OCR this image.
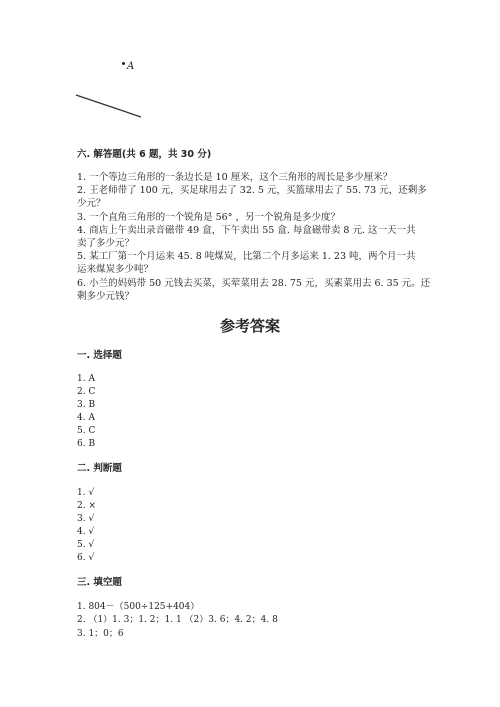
A
六. 解答题(共 6 题，共 30 分)
1. 一个等边三角形的一条边长是 10 厘米，这个三角形的周长是多少厘米？
2. 王老师带了 100 元，买足球用去了 32. 5 元，买篮球用去了 55. 73 元，还剩多
少元？
3. 一个直角三角形的一个锐角是 56° ，另一个锐角是多少度？
4. 商店上午卖出录音磁带 49 盒，下午卖出 55 盒. 每盒磁带卖 8 元. 这一天一共
卖了多少元？
5. 某工厂第一个月运来 45. 8 吨煤炭，比第二个月多运来 1. 23 吨，两个月一共
运来煤炭多少吨？
6. 小兰的妈妈带 50 元钱去买菜，买荤菜用去 28. 75 元，买素菜用去 6. 35 元。还
剩多少元钱？
参考答案
一. 选择题
1. A
2. C
3. B
4. A
5. C
6. B
二. 判断题
1. √
2. ×
3. √
4. √
5. √
6. √
三. 填空题
1. 804－（500÷125+404）
2. （1）1. 3；1. 2；1. 1 （2）3. 6；4. 2；4. 8
3. 1；0；6
